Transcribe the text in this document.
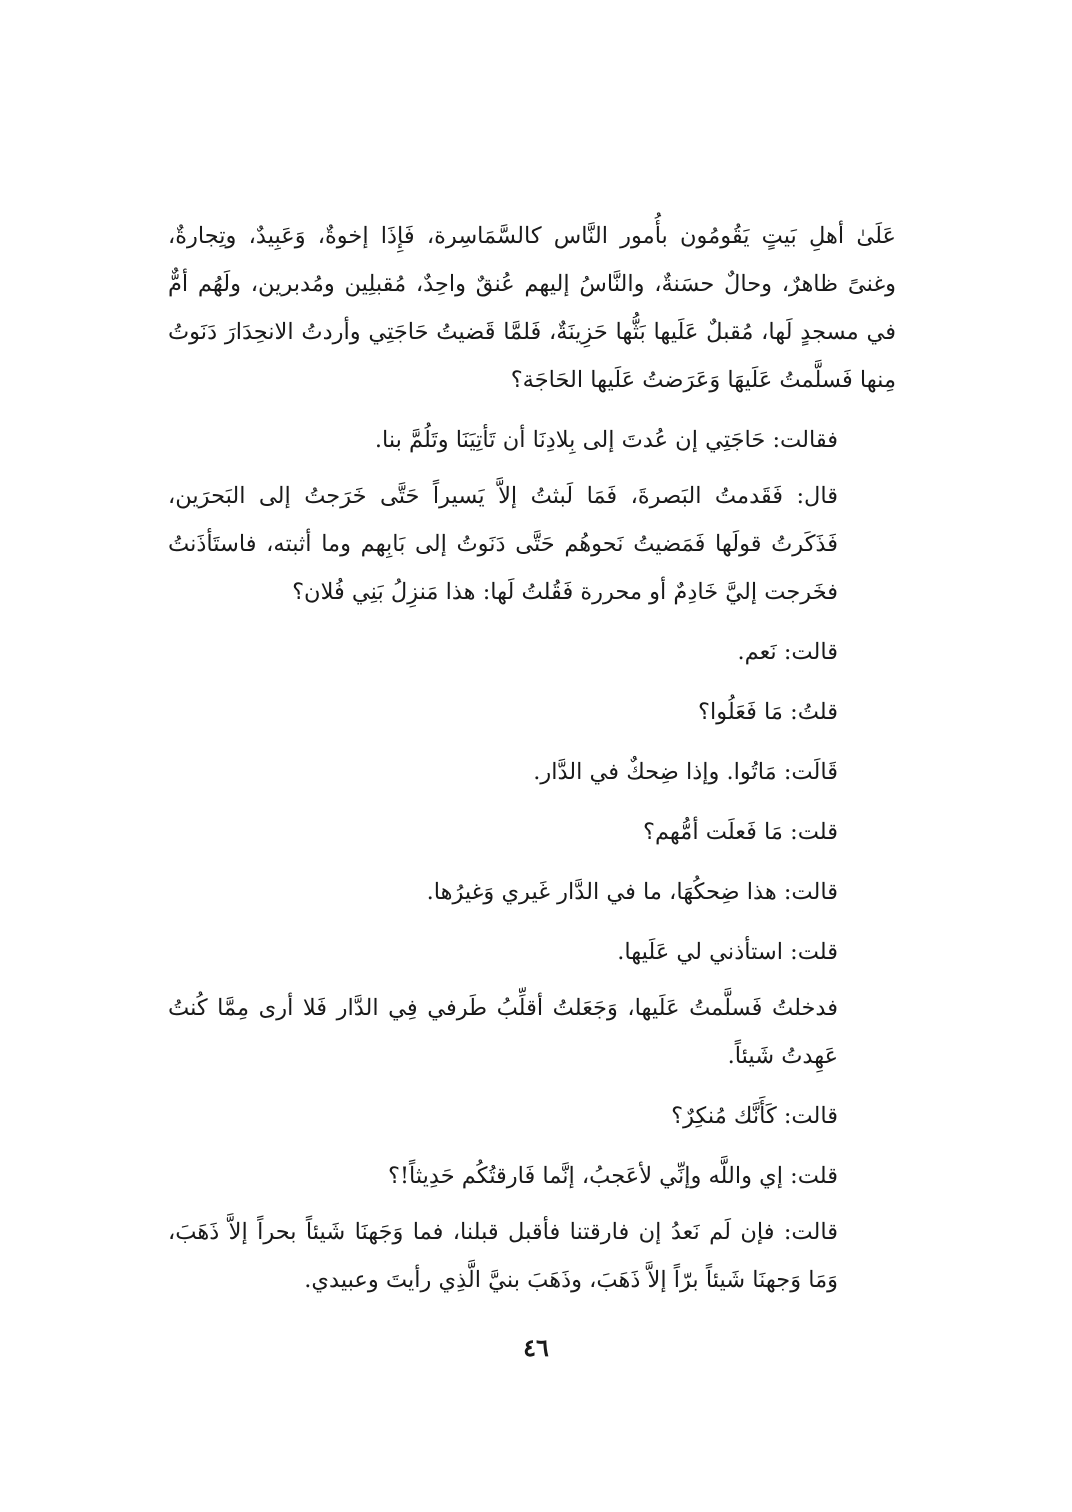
عَلَىٰ أهلِ بَيتٍ يَقُومُون بأُمور النَّاس كالسَّمَاسِرة، فَإِذَا إخوةٌ، وَعَبِيدٌ، وتِجارةٌ، وغنىً ظاهرٌ، وحالٌ حسَنةٌ، والنَّاسُ إليهم عُنقٌ واحِدٌ، مُقبلِين ومُدبرين، ولَهُم أمٌّ في مسجدٍ لَها، مُقبلٌ عَلَيها بَثُّها حَزِينَةٌ، فَلمَّا قَضيتُ حَاجَتِي وأردتُ الانحِدَارَ دَنَوتُ مِنها فَسلَّمتُ عَلَيهَا وَعَرَضتُ عَلَيها الحَاجَة؟

فقالت: حَاجَتِي إن عُدتَ إلى بِلادِنَا أن تَأتِيَنَا وتَلُمَّ بنا.

قال: فَقَدمتُ البَصرةَ، فَمَا لَبثتُ إلاَّ يَسيراً حَتَّى خَرَجتُ إلى البَحرَين، فَذَكَرتُ قولَها فَمَضيتُ نَحوهُم حَتَّى دَنَوتُ إلى بَابِهم وما أثبته، فاستَأذَنتُ فخَرجت إليَّ خَادِمٌ أو محررة فَقُلتُ لَها: هذا مَنزِلُ بَنِي فُلان؟

قالت: نَعم.

قلتُ: مَا فَعَلُوا؟

قَالَت: مَاتُوا. وإذا ضِحكٌ في الدَّار.

قلت: مَا فَعلَت أمُّهم؟

قالت: هذا ضِحكُهَا، ما في الدَّار غَيري وَغيرُها.

قلت: استأذني لي عَلَيها.

فدخلتُ فَسلَّمتُ عَلَيها، وَجَعَلتُ أقلِّبُ طَرفي فِي الدَّار فَلا أرى مِمَّا كُنتُ عَهِدتُ شَيئاً.

قالت: كَأَنَّك مُنكِرٌ؟

قلت: إي واللَّه وإنِّي لأعَجبُ، إنَّما فَارقتُكُم حَدِيثاً!؟

قالت: فإن لَم نَعدُ إن فارقتنا فأقبل قبلنا، فما وَجَهنَا شَيئاً بحراً إلاَّ ذَهَبَ، وَمَا وَجهنَا شَيئاً برّاً إلاَّ ذَهَبَ، وذَهَبَ بنيَّ الَّذِي رأيتَ وعبيدي.

٤٦
